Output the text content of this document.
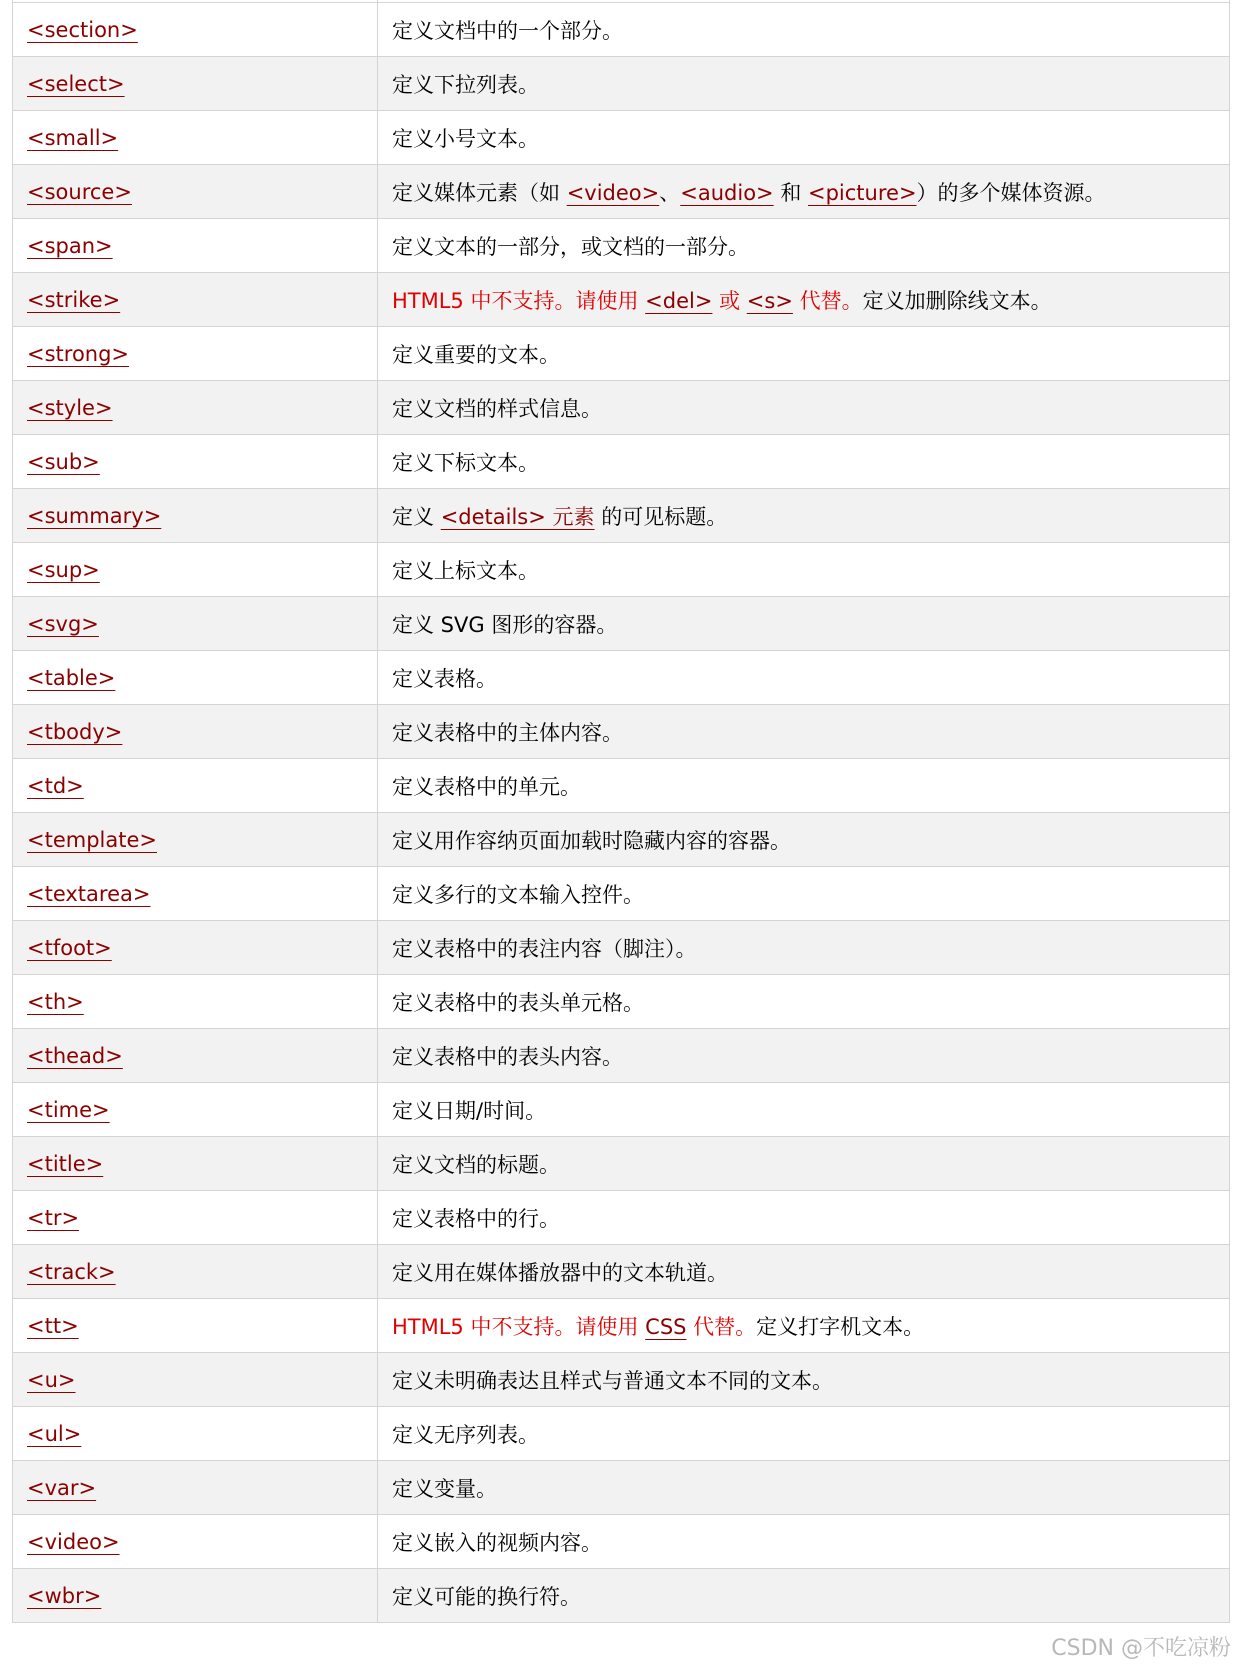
<section>	定义文档中的一个部分。
<select>	定义下拉列表。
<small>	定义小号文本。
<source>	定义媒体元素（如 <video>、<audio> 和 <picture>）的多个媒体资源。
<span>	定义文本的一部分，或文档的一部分。
<strike>	HTML5 中不支持。请使用 <del> 或 <s> 代替。定义加删除线文本。
<strong>	定义重要的文本。
<style>	定义文档的样式信息。
<sub>	定义下标文本。
<summary>	定义 <details> 元素 的可见标题。
<sup>	定义上标文本。
<svg>	定义 SVG 图形的容器。
<table>	定义表格。
<tbody>	定义表格中的主体内容。
<td>	定义表格中的单元。
<template>	定义用作容纳页面加载时隐藏内容的容器。
<textarea>	定义多行的文本输入控件。
<tfoot>	定义表格中的表注内容（脚注）。
<th>	定义表格中的表头单元格。
<thead>	定义表格中的表头内容。
<time>	定义日期/时间。
<title>	定义文档的标题。
<tr>	定义表格中的行。
<track>	定义用在媒体播放器中的文本轨道。
<tt>	HTML5 中不支持。请使用 CSS 代替。定义打字机文本。
<u>	定义未明确表达且样式与普通文本不同的文本。
<ul>	定义无序列表。
<var>	定义变量。
<video>	定义嵌入的视频内容。
<wbr>	定义可能的换行符。
CSDN @不吃凉粉
